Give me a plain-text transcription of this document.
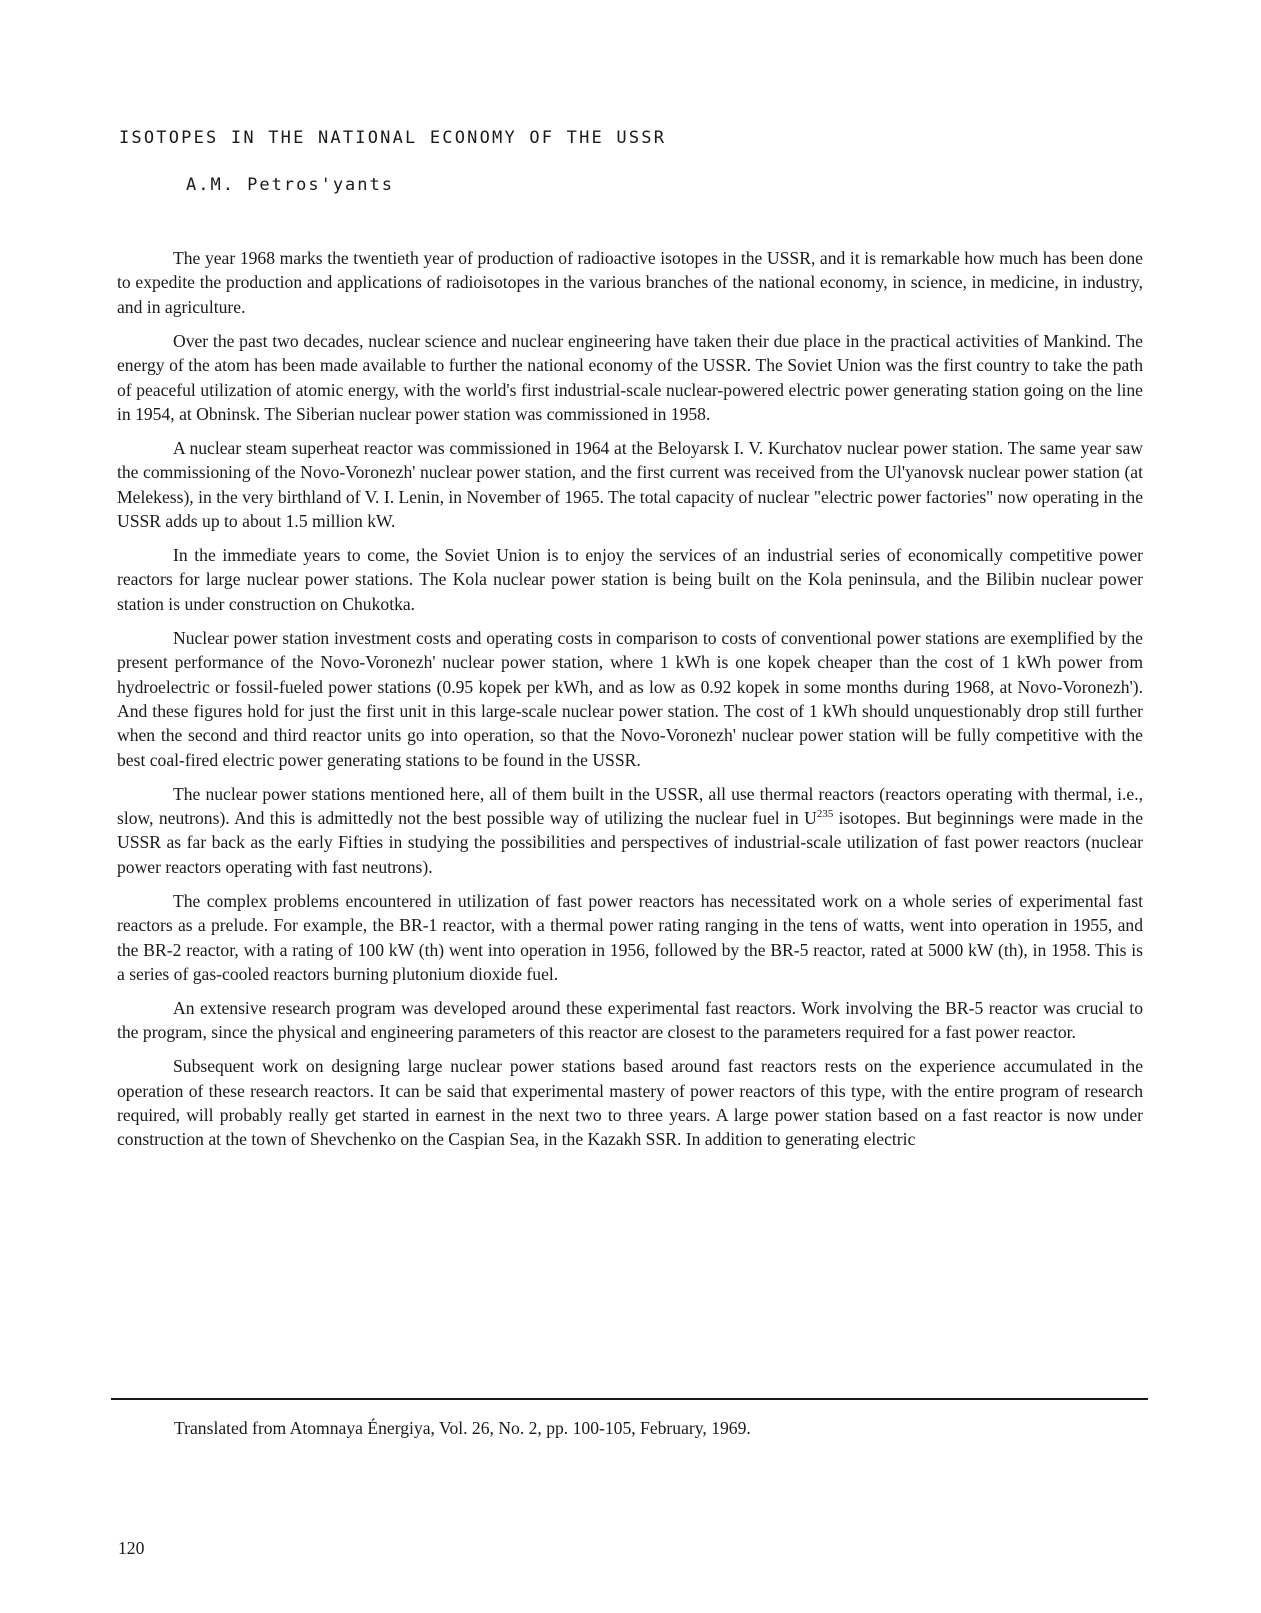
ISOTOPES IN THE NATIONAL ECONOMY OF THE USSR
A.M. Petros'yants

The year 1968 marks the twentieth year of production of radioactive isotopes in the USSR, and it is remarkable how much has been done to expedite the production and applications of radioisotopes in the various branches of the national economy, in science, in medicine, in industry, and in agriculture.

Over the past two decades, nuclear science and nuclear engineering have taken their due place in the practical activities of Mankind. The energy of the atom has been made available to further the national economy of the USSR. The Soviet Union was the first country to take the path of peaceful utilization of atomic energy, with the world's first industrial-scale nuclear-powered electric power generating station going on the line in 1954, at Obninsk. The Siberian nuclear power station was commissioned in 1958.

A nuclear steam superheat reactor was commissioned in 1964 at the Beloyarsk I. V. Kurchatov nuclear power station. The same year saw the commissioning of the Novo-Voronezh' nuclear power station, and the first current was received from the Ul'yanovsk nuclear power station (at Melekess), in the very birthland of V. I. Lenin, in November of 1965. The total capacity of nuclear "electric power factories" now operating in the USSR adds up to about 1.5 million kW.

In the immediate years to come, the Soviet Union is to enjoy the services of an industrial series of economically competitive power reactors for large nuclear power stations. The Kola nuclear power station is being built on the Kola peninsula, and the Bilibin nuclear power station is under construction on Chukotka.

Nuclear power station investment costs and operating costs in comparison to costs of conventional power stations are exemplified by the present performance of the Novo-Voronezh' nuclear power station, where 1 kWh is one kopek cheaper than the cost of 1 kWh power from hydroelectric or fossil-fueled power stations (0.95 kopek per kWh, and as low as 0.92 kopek in some months during 1968, at Novo-Voronezh'). And these figures hold for just the first unit in this large-scale nuclear power station. The cost of 1 kWh should unquestionably drop still further when the second and third reactor units go into operation, so that the Novo-Voronezh' nuclear power station will be fully competitive with the best coal-fired electric power generating stations to be found in the USSR.

The nuclear power stations mentioned here, all of them built in the USSR, all use thermal reactors (reactors operating with thermal, i.e., slow, neutrons). And this is admittedly not the best possible way of utilizing the nuclear fuel in $U^{235}$ isotopes. But beginnings were made in the USSR as far back as the early Fifties in studying the possibilities and perspectives of industrial-scale utilization of fast power reactors (nuclear power reactors operating with fast neutrons).

The complex problems encountered in utilization of fast power reactors has necessitated work on a whole series of experimental fast reactors as a prelude. For example, the BR-1 reactor, with a thermal power rating ranging in the tens of watts, went into operation in 1955, and the BR-2 reactor, with a rating of 100 kW (th) went into operation in 1956, followed by the BR-5 reactor, rated at 5000 kW (th), in 1958. This is a series of gas-cooled reactors burning plutonium dioxide fuel.

An extensive research program was developed around these experimental fast reactors. Work involving the BR-5 reactor was crucial to the program, since the physical and engineering parameters of this reactor are closest to the parameters required for a fast power reactor.

Subsequent work on designing large nuclear power stations based around fast reactors rests on the experience accumulated in the operation of these research reactors. It can be said that experimental mastery of power reactors of this type, with the entire program of research required, will probably really get started in earnest in the next two to three years. A large power station based on a fast reactor is now under construction at the town of Shevchenko on the Caspian Sea, in the Kazakh SSR. In addition to generating electric

Translated from Atomnaya Énergiya, Vol. 26, No. 2, pp. 100-105, February, 1969.
120
